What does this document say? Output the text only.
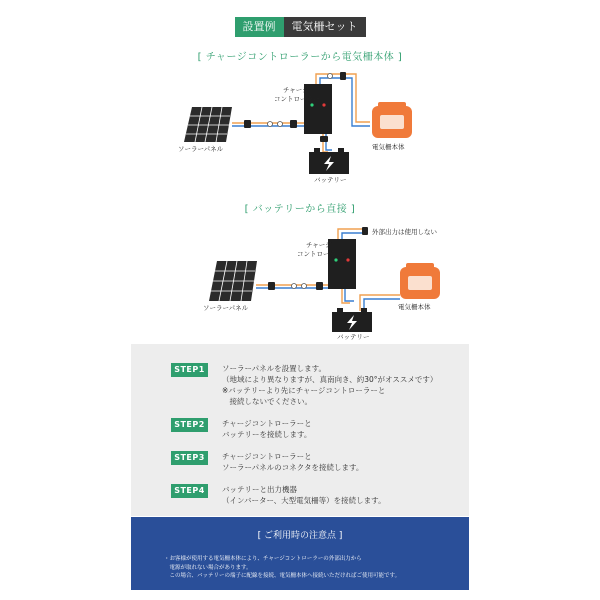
設置例	電気柵セット
[ チャージコントローラーから電気柵本体 ]
ソーラーパネル
チャージ
コントローラー
バッテリー
電気柵本体
[ バッテリーから直接 ]
ソーラーパネル
チャージ
コントローラー
外部出力は使用しない
バッテリー
電気柵本体
STEP1	ソーラーパネルを設置します。
（地域により異なりますが、真南向き、約30°がオススメです）
※バッテリーより先にチャージコントローラーと
　接続しないでください。
STEP2	チャージコントローラーと
バッテリーを接続します。
STEP3	チャージコントローラーと
ソーラーパネルのコネクタを接続します。
STEP4	バッテリーと出力機器
（インバーター、大型電気柵等）を接続します。
[ ご利用時の注意点 ]
・お客様が使用する電気柵本体により、チャージコントローラーの外部出力から
　電源が取れない場合があります。
　この場合、バッテリーの端子に配線を接続、電気柵本体へ接続いただければご使用可能です。
